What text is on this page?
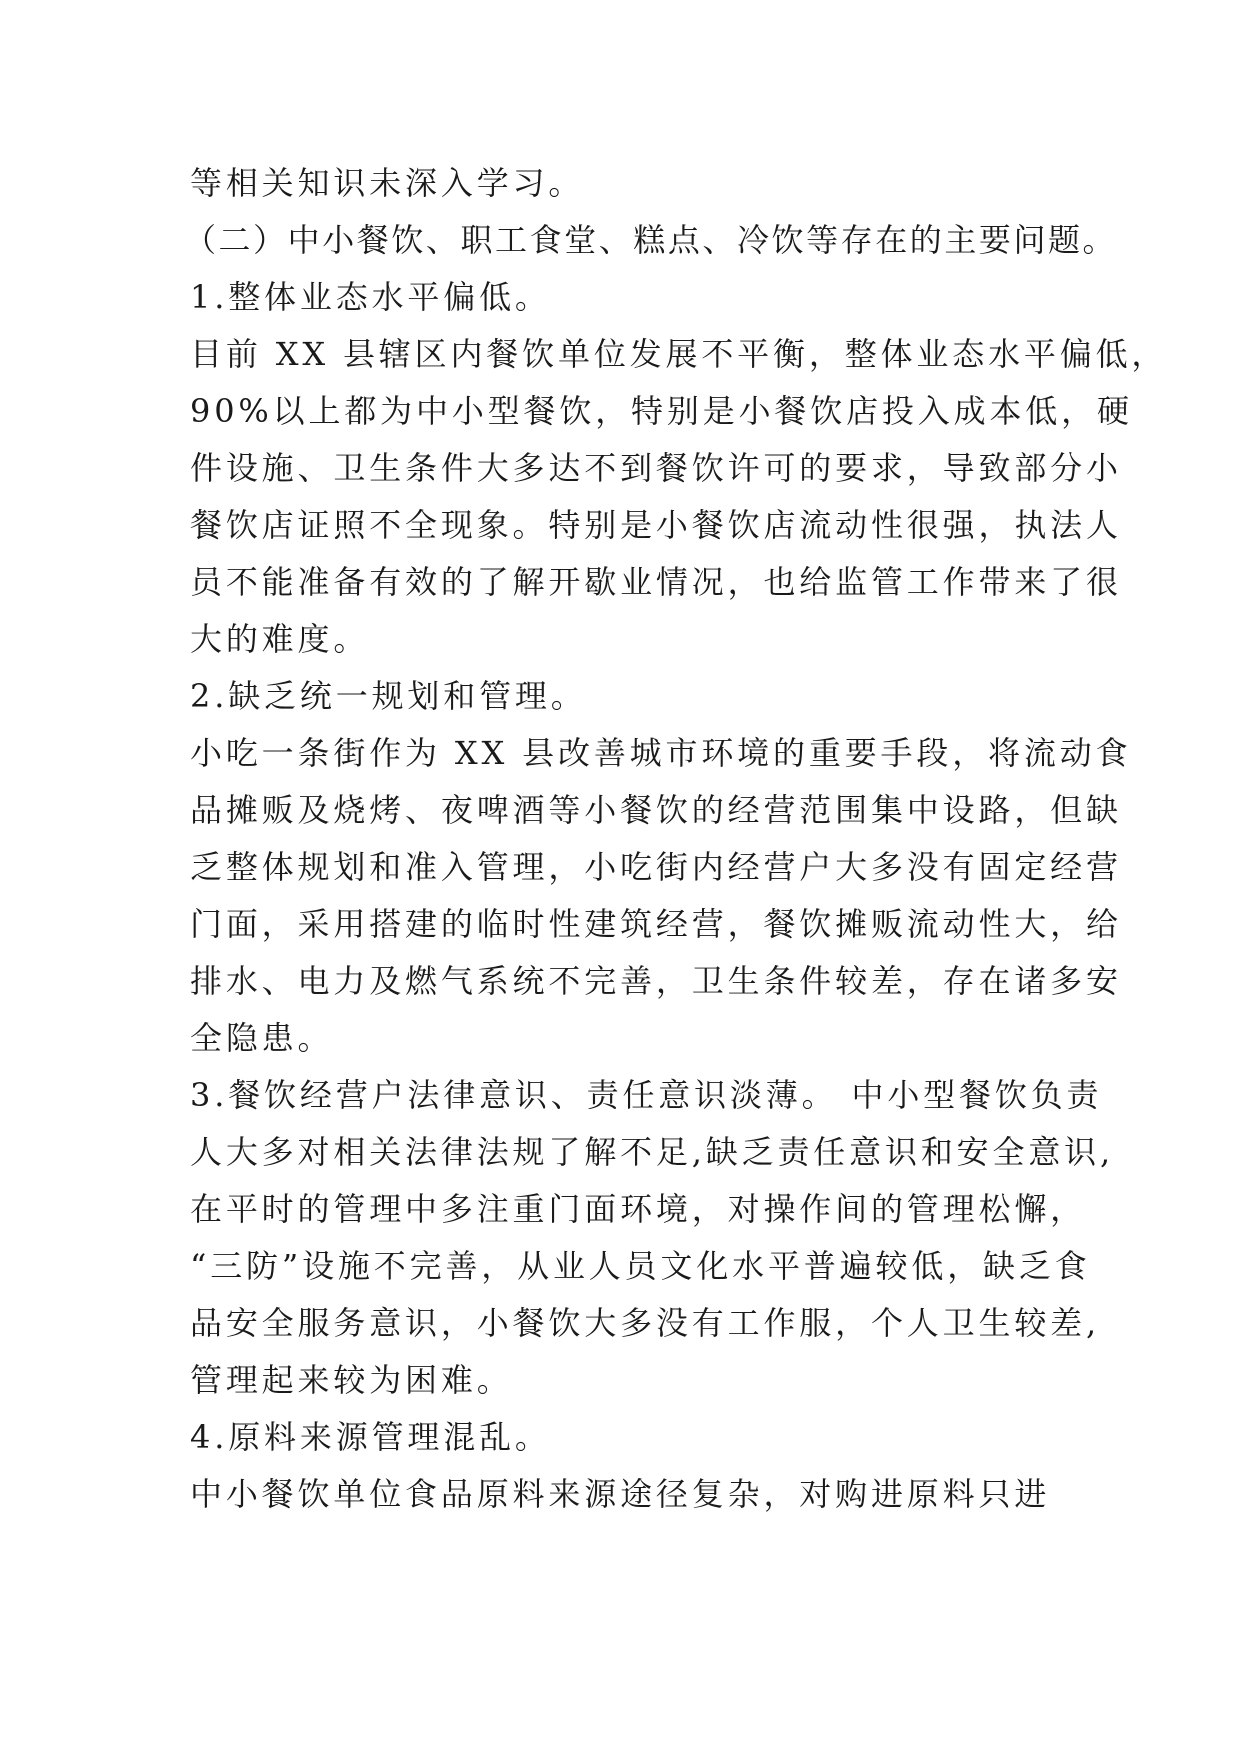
等相关知识未深入学习。
（二）中小餐饮、职工食堂、糕点、冷饮等存在的主要问题。
1.整体业态水平偏低。
目前 XX 县辖区内餐饮单位发展不平衡，整体业态水平偏低，
90%以上都为中小型餐饮，特别是小餐饮店投入成本低，硬
件设施、卫生条件大多达不到餐饮许可的要求，导致部分小
餐饮店证照不全现象。特别是小餐饮店流动性很强，执法人
员不能准备有效的了解开歇业情况，也给监管工作带来了很
大的难度。
2.缺乏统一规划和管理。
小吃一条街作为 XX 县改善城市环境的重要手段，将流动食
品摊贩及烧烤、夜啤酒等小餐饮的经营范围集中设路，但缺
乏整体规划和准入管理，小吃街内经营户大多没有固定经营
门面，采用搭建的临时性建筑经营，餐饮摊贩流动性大，给
排水、电力及燃气系统不完善，卫生条件较差，存在诸多安
全隐患。
3.餐饮经营户法律意识、责任意识淡薄。 中小型餐饮负责
人大多对相关法律法规了解不足,缺乏责任意识和安全意识,
在平时的管理中多注重门面环境，对操作间的管理松懈，
“三防”设施不完善，从业人员文化水平普遍较低，缺乏食
品安全服务意识，小餐饮大多没有工作服，个人卫生较差,
管理起来较为困难。
4.原料来源管理混乱。
中小餐饮单位食品原料来源途径复杂，对购进原料只进
